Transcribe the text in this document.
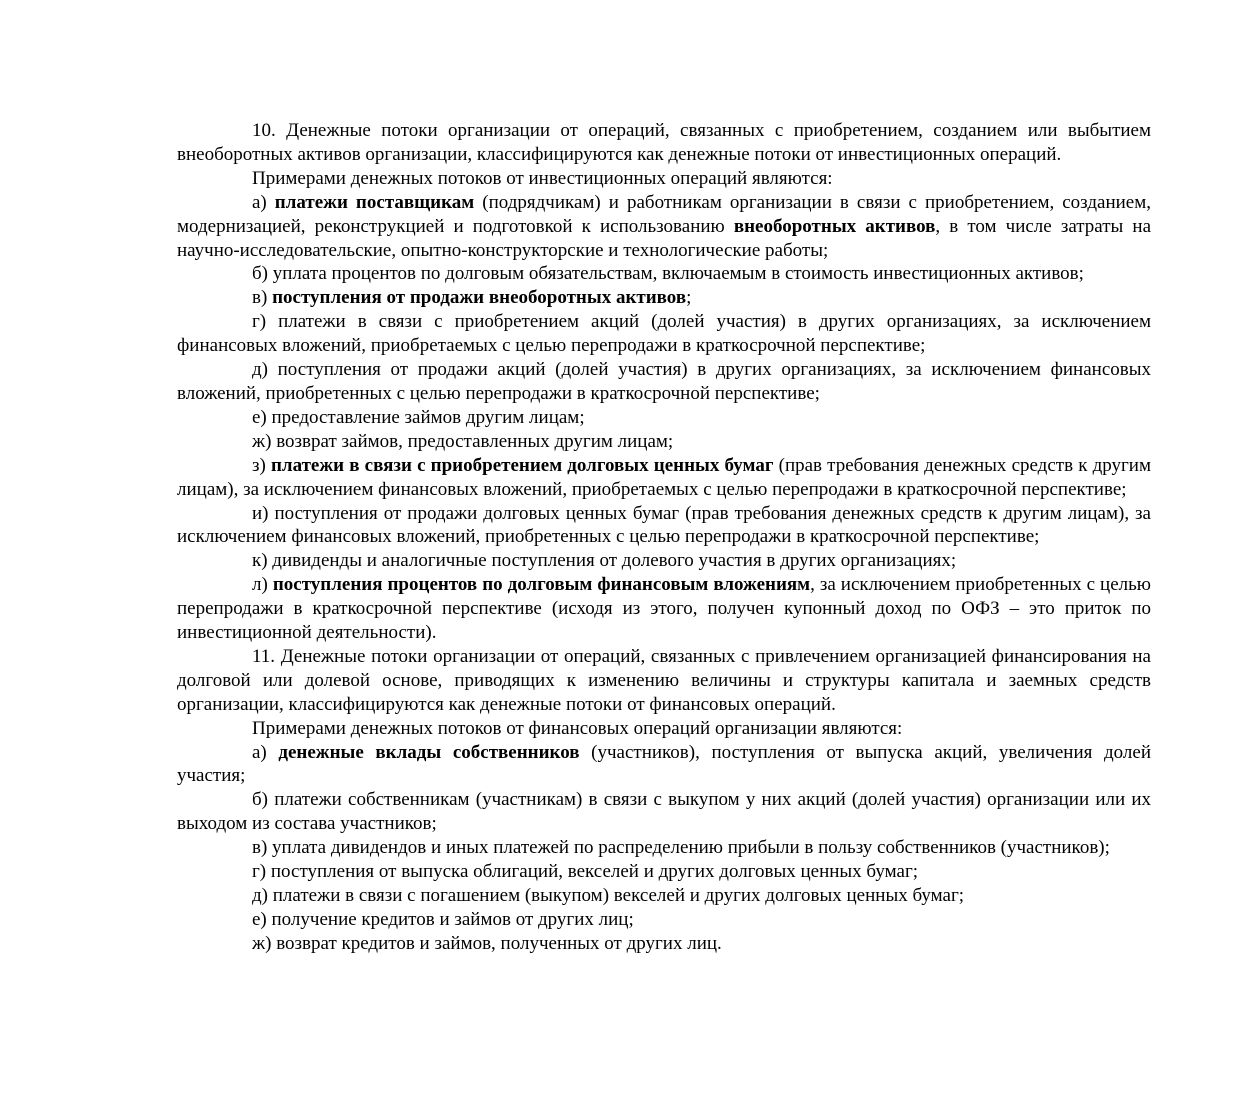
10. Денежные потоки организации от операций, связанных с приобретением, созданием или выбытием внеоборотных активов организации, классифицируются как денежные потоки от инвестиционных операций.

Примерами денежных потоков от инвестиционных операций являются:

а) платежи поставщикам (подрядчикам) и работникам организации в связи с приобретением, созданием, модернизацией, реконструкцией и подготовкой к использованию внеоборотных активов, в том числе затраты на научно-исследовательские, опытно-конструкторские и технологические работы;

б) уплата процентов по долговым обязательствам, включаемым в стоимость инвестиционных активов;

в) поступления от продажи внеоборотных активов;

г) платежи в связи с приобретением акций (долей участия) в других организациях, за исключением финансовых вложений, приобретаемых с целью перепродажи в краткосрочной перспективе;

д) поступления от продажи акций (долей участия) в других организациях, за исключением финансовых вложений, приобретенных с целью перепродажи в краткосрочной перспективе;

е) предоставление займов другим лицам;

ж) возврат займов, предоставленных другим лицам;

з) платежи в связи с приобретением долговых ценных бумаг (прав требования денежных средств к другим лицам), за исключением финансовых вложений, приобретаемых с целью перепродажи в краткосрочной перспективе;

и) поступления от продажи долговых ценных бумаг (прав требования денежных средств к другим лицам), за исключением финансовых вложений, приобретенных с целью перепродажи в краткосрочной перспективе;

к) дивиденды и аналогичные поступления от долевого участия в других организациях;

л) поступления процентов по долговым финансовым вложениям, за исключением приобретенных с целью перепродажи в краткосрочной перспективе (исходя из этого, получен купонный доход по ОФЗ – это приток по инвестиционной деятельности).

11. Денежные потоки организации от операций, связанных с привлечением организацией финансирования на долговой или долевой основе, приводящих к изменению величины и структуры капитала и заемных средств организации, классифицируются как денежные потоки от финансовых операций.

Примерами денежных потоков от финансовых операций организации являются:

а) денежные вклады собственников (участников), поступления от выпуска акций, увеличения долей участия;

б) платежи собственникам (участникам) в связи с выкупом у них акций (долей участия) организации или их выходом из состава участников;

в) уплата дивидендов и иных платежей по распределению прибыли в пользу собственников (участников);

г) поступления от выпуска облигаций, векселей и других долговых ценных бумаг;

д) платежи в связи с погашением (выкупом) векселей и других долговых ценных бумаг;

е) получение кредитов и займов от других лиц;

ж) возврат кредитов и займов, полученных от других лиц.
